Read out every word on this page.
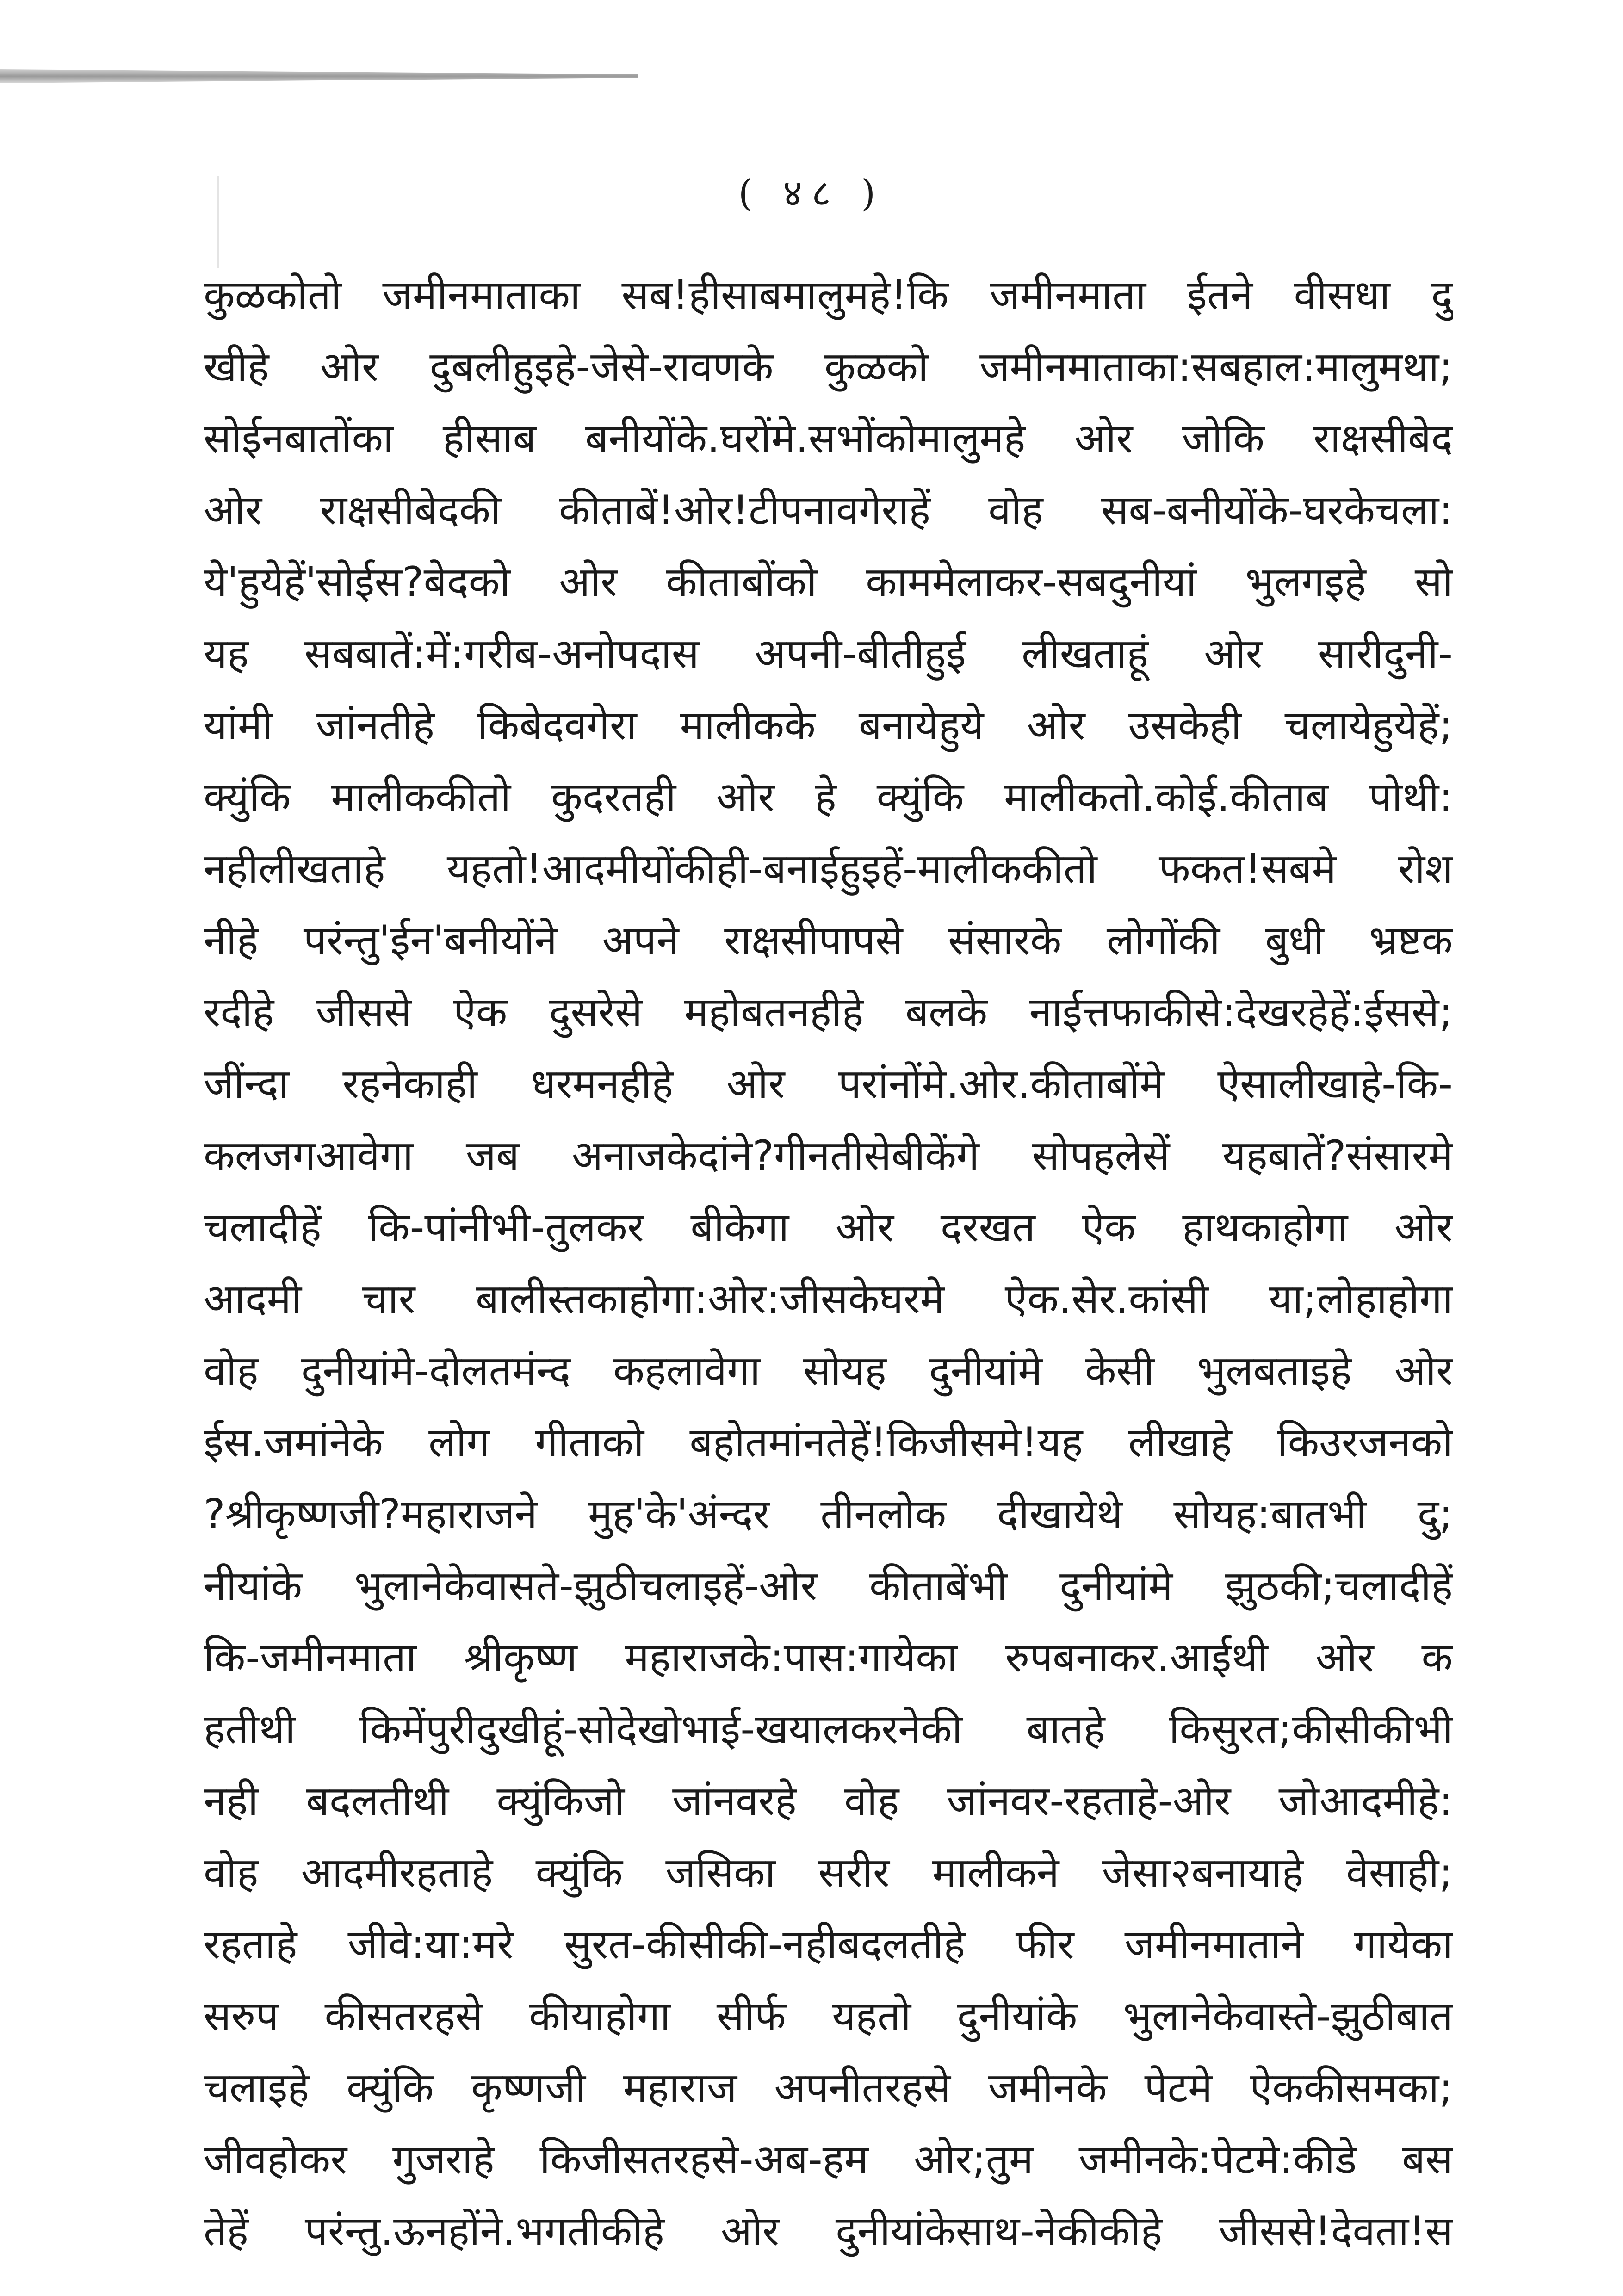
( ४८ )
कुळकोतो जमीनमाताका सब!हीसाबमालुमहे!कि जमीनमाता ईतने वीसधा दु
खीहे ओर दुबलीहुइहे-जेसे-रावणके कुळको जमीनमाताका:सबहाल:मालुमथा;
सोईनबातोंका हीसाब बनीयोंके.घरोंमे.सभोंकोमालुमहे ओर जोकि राक्षसीबेद
ओर राक्षसीबेदकी कीताबें!ओर!टीपनावगेराहें वोह सब-बनीयोंके-घरकेचला:
ये'हुयेहें'सोईस?बेदको ओर कीताबोंको काममेलाकर-सबदुनीयां भुलगइहे सो
यह सबबातें:में:गरीब-अनोपदास अपनी-बीतीहुई लीखताहूं ओर सारीदुनी-
यांमी जांनतीहे किबेदवगेरा मालीकके बनायेहुये ओर उसकेही चलायेहुयेहें;
क्युंकि मालीककीतो कुदरतही ओर हे क्युंकि मालीकतो.कोई.कीताब पोथी:
नहीलीखताहे यहतो!आदमीयोंकीही-बनाईहुइहें-मालीककीतो फकत!सबमे रोश
नीहे परंन्तु'ईन'बनीयोंने अपने राक्षसीपापसे संसारके लोगोंकी बुधी भ्रष्टक
रदीहे जीससे ऐक दुसरेसे महोबतनहीहे बलके नाईत्तफाकीसे:देखरहेहें:ईससे;
जींन्दा रहनेकाही धरमनहीहे ओर परांनोंमे.ओर.कीताबोंमे ऐसालीखाहे-कि-
कलजगआवेगा जब अनाजकेदांने?गीनतीसेबीकेंगे सोपहलेसें यहबातें?संसारमे
चलादीहें कि-पांनीभी-तुलकर बीकेगा ओर दरखत ऐक हाथकाहोगा ओर
आदमी चार बालीस्तकाहोगा:ओर:जीसकेघरमे ऐक.सेर.कांसी या;लोहाहोगा
वोह दुनीयांमे-दोलतमंन्द कहलावेगा सोयह दुनीयांमे केसी भुलबताइहे ओर
ईस.जमांनेके लोग गीताको बहोतमांनतेहें!किजीसमे!यह लीखाहे किउरजनको
?श्रीकृष्णजी?महाराजने मुह'के'अंन्दर तीनलोक दीखायेथे सोयह:बातभी दु;
नीयांके भुलानेकेवासते-झुठीचलाइहें-ओर कीताबेंभी दुनीयांमे झुठकी;चलादीहें
कि-जमीनमाता श्रीकृष्ण महाराजके:पास:गायेका रुपबनाकर.आईथी ओर क
हतीथी किमेंपुरीदुखीहूं-सोदेखोभाई-खयालकरनेकी बातहे किसुरत;कीसीकीभी
नही बदलतीथी क्युंकिजो जांनवरहे वोह जांनवर-रहताहे-ओर जोआदमीहे:
वोह आदमीरहताहे क्युंकि जसिका सरीर मालीकने जेसा२बनायाहे वेसाही;
रहताहे जीवे:या:मरे सुरत-कीसीकी-नहीबदलतीहे फीर जमीनमाताने गायेका
सरुप कीसतरहसे कीयाहोगा सीर्फ यहतो दुनीयांके भुलानेकेवास्ते-झुठीबात
चलाइहे क्युंकि कृष्णजी महाराज अपनीतरहसे जमीनके पेटमे ऐककीसमका;
जीवहोकर गुजराहे किजीसतरहसे-अब-हम ओर;तुम जमीनके:पेटमे:कीडे बस
तेहें परंन्तु.ऊनहोंने.भगतीकीहे ओर दुनीयांकेसाथ-नेकीकीहे जीससे!देवता!स
